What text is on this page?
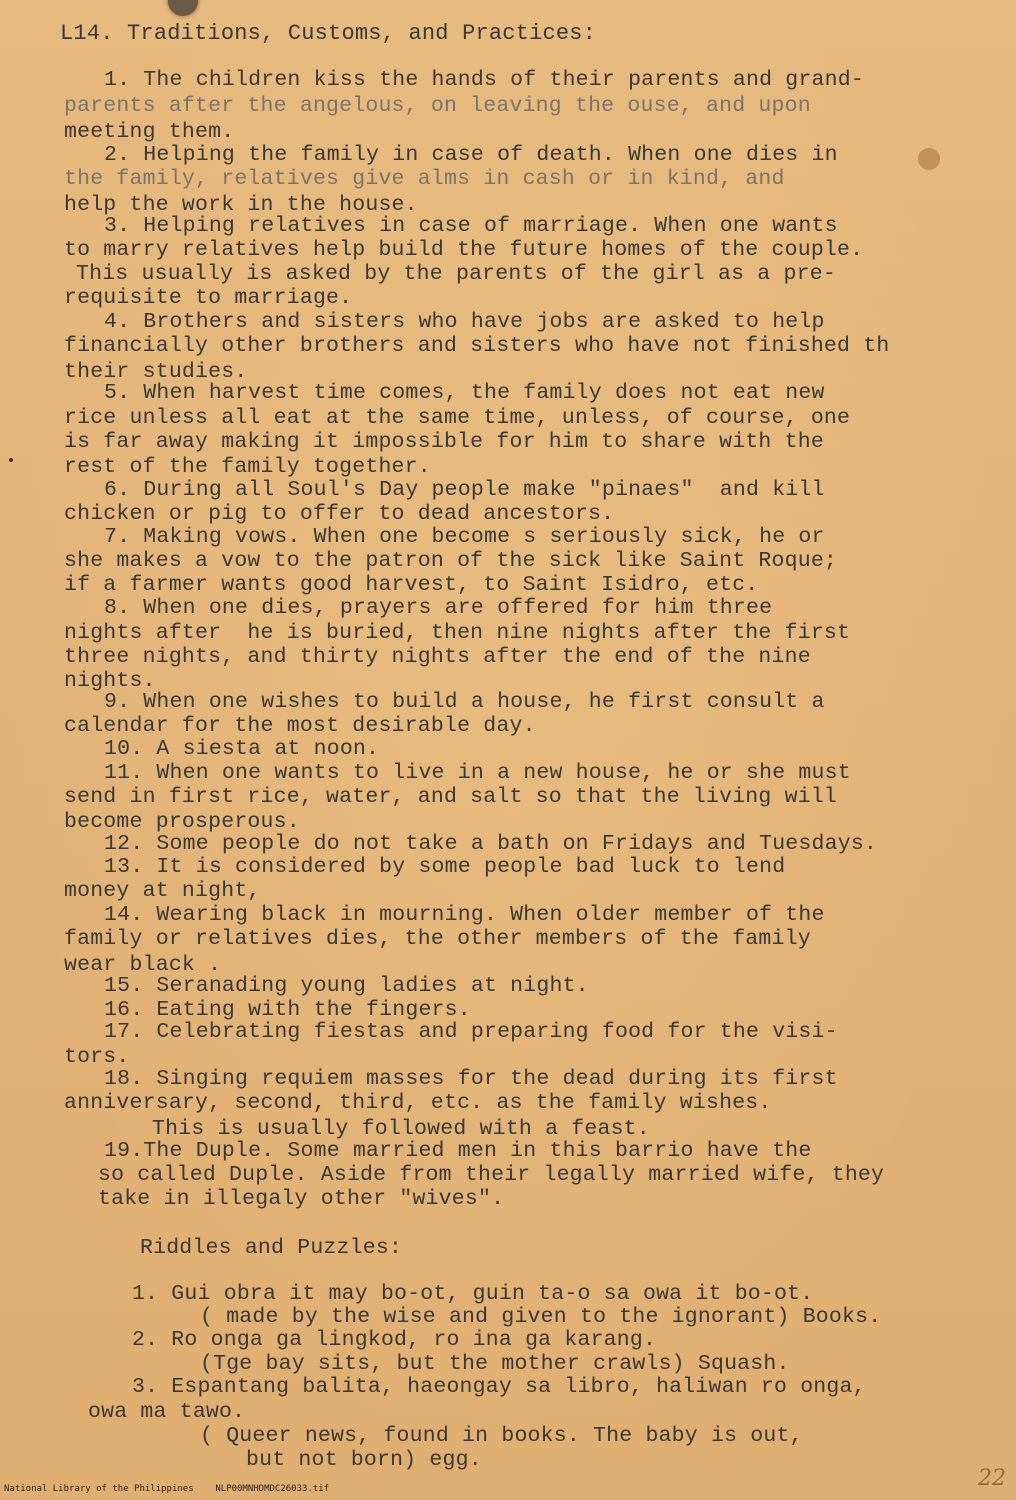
L14. Traditions, Customs, and Practices:
1. The children kiss the hands of their parents and grand-
parents after the angelous, on leaving the ouse, and upon
meeting them.
2. Helping the family in case of death. When one dies in
the family, relatives give alms in cash or in kind, and
help the work in the house.
3. Helping relatives in case of marriage. When one wants
to marry relatives help build the future homes of the couple.
This usually is asked by the parents of the girl as a pre-
requisite to marriage.
4. Brothers and sisters who have jobs are asked to help
financially other brothers and sisters who have not finished th
their studies.
5. When harvest time comes, the family does not eat new
rice unless all eat at the same time, unless, of course, one
is far away making it impossible for him to share with the
rest of the family together.
6. During all Soul's Day people make "pinaes"  and kill
chicken or pig to offer to dead ancestors.
7. Making vows. When one become s seriously sick, he or
she makes a vow to the patron of the sick like Saint Roque;
if a farmer wants good harvest, to Saint Isidro, etc.
8. When one dies, prayers are offered for him three
nights after  he is buried, then nine nights after the first
three nights, and thirty nights after the end of the nine
nights.
9. When one wishes to build a house, he first consult a
calendar for the most desirable day.
10. A siesta at noon.
11. When one wants to live in a new house, he or she must
send in first rice, water, and salt so that the living will
become prosperous.
12. Some people do not take a bath on Fridays and Tuesdays.
13. It is considered by some people bad luck to lend
money at night,
14. Wearing black in mourning. When older member of the
family or relatives dies, the other members of the family
wear black .
15. Seranading young ladies at night.
16. Eating with the fingers.
17. Celebrating fiestas and preparing food for the visi-
tors.
18. Singing requiem masses for the dead during its first
anniversary, second, third, etc. as the family wishes.
This is usually followed with a feast.
19.The Duple. Some married men in this barrio have the
so called Duple. Aside from their legally married wife, they
take in illegaly other "wives".
Riddles and Puzzles:
1. Gui obra it may bo-ot, guin ta-o sa owa it bo-ot.
( made by the wise and given to the ignorant) Books.
2. Ro onga ga lingkod, ro ina ga karang.
(Tge bay sits, but the mother crawls) Squash.
3. Espantang balita, haeongay sa libro, haliwan ro onga,
owa ma tawo.
( Queer news, found in books. The baby is out,
but not born) egg.
National Library of the Philippines    NLP00MNHDMDC26033.tif	22
